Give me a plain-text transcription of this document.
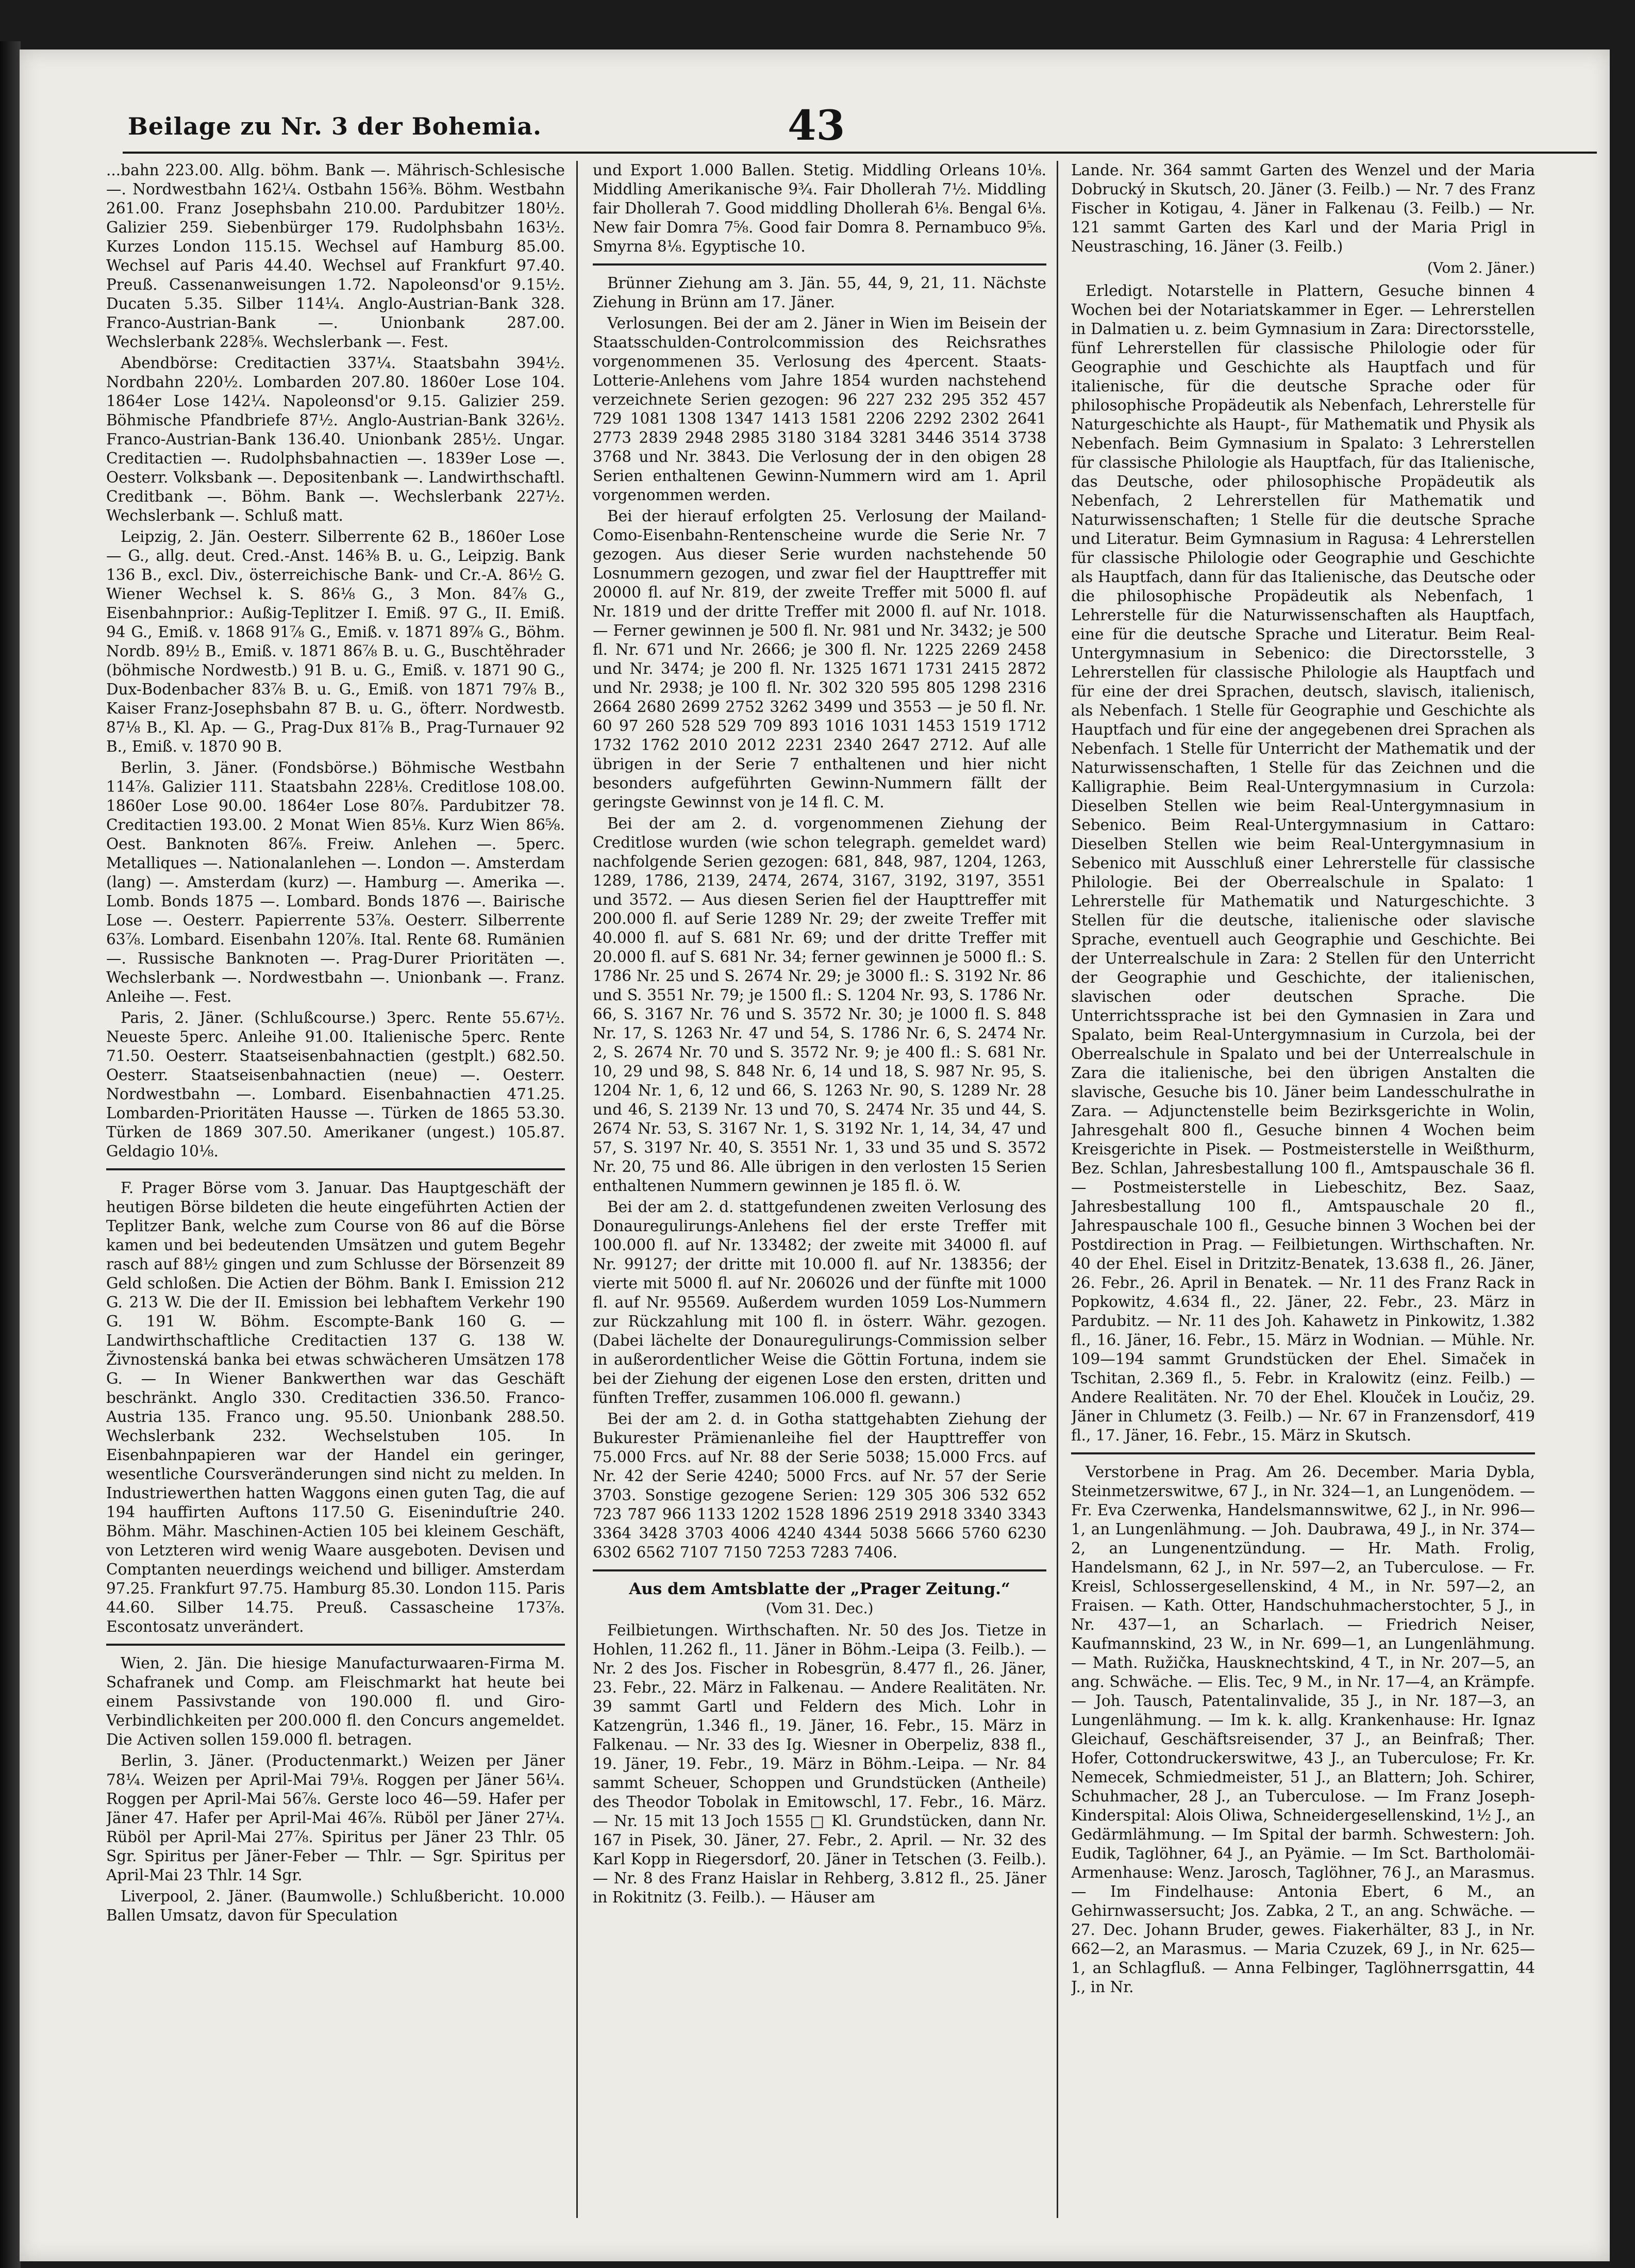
Beilage zu Nr. 3 der Bohemia.	43

...bahn 223.00. Allg. böhm. Bank —. Mährisch-Schlesische —. Nordwestbahn 162¼. Ostbahn 156⅜. Böhm. Westbahn 261.00. Franz Josephsbahn 210.00. Pardubitzer 180½. Galizier 259. Siebenbürger 179. Rudolphsbahn 163½. Kurzes London 115.15. Wechsel auf Hamburg 85.00. Wechsel auf Paris 44.40. Wechsel auf Frankfurt 97.40. Preuß. Cassenanweisungen 1.72. Napoleonsd'or 9.15½. Ducaten 5.35. Silber 114¼. Anglo-Austrian-Bank 328. Franco-Austrian-Bank —. Unionbank 287.00. Wechslerbank 228⅝. Wechslerbank —. Fest.

Abendbörse: Creditactien 337¼. Staatsbahn 394½. Nordbahn 220½. Lombarden 207.80. 1860er Lose 104. 1864er Lose 142¼. Napoleonsd'or 9.15. Galizier 259. Böhmische Pfandbriefe 87½. Anglo-Austrian-Bank 326½. Franco-Austrian-Bank 136.40. Unionbank 285½. Ungar. Creditactien —. Rudolphsbahnactien —. 1839er Lose —. Oesterr. Volksbank —. Depositenbank —. Landwirthschaftl. Creditbank —. Böhm. Bank —. Wechslerbank 227½. Wechslerbank —. Schluß matt.

Leipzig, 2. Jän. Oesterr. Silberrente 62 B., 1860er Lose — G., allg. deut. Cred.-Anst. 146⅜ B. u. G., Leipzig. Bank 136 B., excl. Div., österreichische Bank- und Cr.-A. 86½ G. Wiener Wechsel k. S. 86⅛ G., 3 Mon. 84⅞ G., Eisenbahnprior.: Außig-Teplitzer I. Emiß. 97 G., II. Emiß. 94 G., Emiß. v. 1868 91⅞ G., Emiß. v. 1871 89⅞ G., Böhm. Nordb. 89½ B., Emiß. v. 1871 86⅞ B. u. G., Buschtěhrader (böhmische Nordwestb.) 91 B. u. G., Emiß. v. 1871 90 G., Dux-Bodenbacher 83⅞ B. u. G., Emiß. von 1871 79⅞ B., Kaiser Franz-Josephsbahn 87 B. u. G., öfterr. Nordwestb. 87⅛ B., Kl. Ap. — G., Prag-Dux 81⅞ B., Prag-Turnauer 92 B., Emiß. v. 1870 90 B.

Berlin, 3. Jäner. (Fondsbörse.) Böhmische Westbahn 114⅞. Galizier 111. Staatsbahn 228⅛. Creditlose 108.00. 1860er Lose 90.00. 1864er Lose 80⅞. Pardubitzer 78. Creditactien 193.00. 2 Monat Wien 85⅛. Kurz Wien 86⅝. Oest. Banknoten 86⅞. Freiw. Anlehen —. 5perc. Metalliques —. Nationalanlehen —. London —. Amsterdam (lang) —. Amsterdam (kurz) —. Hamburg —. Amerika —. Lomb. Bonds 1875 —. Lombard. Bonds 1876 —. Bairische Lose —. Oesterr. Papierrente 53⅞. Oesterr. Silberrente 63⅞. Lombard. Eisenbahn 120⅞. Ital. Rente 68. Rumänien —. Russische Banknoten —. Prag-Durer Prioritäten —. Wechslerbank —. Nordwestbahn —. Unionbank —. Franz. Anleihe —. Fest.

Paris, 2. Jäner. (Schlußcourse.) 3perc. Rente 55.67½. Neueste 5perc. Anleihe 91.00. Italienische 5perc. Rente 71.50. Oesterr. Staatseisenbahnactien (gestplt.) 682.50. Oesterr. Staatseisenbahnactien (neue) —. Oesterr. Nordwestbahn —. Lombard. Eisenbahnactien 471.25. Lombarden-Prioritäten Hausse —. Türken de 1865 53.30. Türken de 1869 307.50. Amerikaner (ungest.) 105.87. Geldagio 10⅛.

F. Prager Börse vom 3. Januar. Das Hauptgeschäft der heutigen Börse bildeten die heute eingeführten Actien der Teplitzer Bank, welche zum Course von 86 auf die Börse kamen und bei bedeutenden Umsätzen und gutem Begehr rasch auf 88½ gingen und zum Schlusse der Börsenzeit 89 Geld schloßen. Die Actien der Böhm. Bank I. Emission 212 G. 213 W. Die der II. Emission bei lebhaftem Verkehr 190 G. 191 W. Böhm. Escompte-Bank 160 G. — Landwirthschaftliche Creditactien 137 G. 138 W. Živnostenská banka bei etwas schwächeren Umsätzen 178 G. — In Wiener Bankwerthen war das Geschäft beschränkt. Anglo 330. Creditactien 336.50. Franco-Austria 135. Franco ung. 95.50. Unionbank 288.50. Wechslerbank 232. Wechselstuben 105. In Eisenbahnpapieren war der Handel ein geringer, wesentliche Coursveränderungen sind nicht zu melden. In Industriewerthen hatten Waggons einen guten Tag, die auf 194 hauffirten Auftons 117.50 G. Eiseninduſtrie 240. Böhm. Mähr. Maschinen-Actien 105 bei kleinem Geschäft, von Letzteren wird wenig Waare ausgeboten. Devisen und Comptanten neuerdings weichend und billiger. Amsterdam 97.25. Frankfurt 97.75. Hamburg 85.30. London 115. Paris 44.60. Silber 14.75. Preuß. Cassascheine 173⅞. Escontosatz unverändert.

Wien, 2. Jän. Die hiesige Manufacturwaaren-Firma M. Schafranek und Comp. am Fleischmarkt hat heute bei einem Passivstande von 190.000 fl. und Giro-Verbindlichkeiten per 200.000 fl. den Concurs angemeldet. Die Activen sollen 159.000 fl. betragen.

Berlin, 3. Jäner. (Productenmarkt.) Weizen per Jäner 78¼. Weizen per April-Mai 79⅛. Roggen per Jäner 56¼. Roggen per April-Mai 56⅞. Gerste loco 46—59. Hafer per Jäner 47. Hafer per April-Mai 46⅞. Rüböl per Jäner 27¼. Rüböl per April-Mai 27⅞. Spiritus per Jäner 23 Thlr. 05 Sgr. Spiritus per Jäner-Feber — Thlr. — Sgr. Spiritus per April-Mai 23 Thlr. 14 Sgr.

Liverpool, 2. Jäner. (Baumwolle.) Schlußbericht. 10.000 Ballen Umsatz, davon für Speculation

und Export 1.000 Ballen. Stetig. Middling Orleans 10⅛. Middling Amerikanische 9¾. Fair Dhollerah 7½. Middling fair Dhollerah 7. Good middling Dhollerah 6⅛. Bengal 6⅛. New fair Domra 7⅝. Good fair Domra 8. Pernambuco 9⅝. Smyrna 8⅛. Egyptische 10.

Brünner Ziehung am 3. Jän. 55, 44, 9, 21, 11. Nächste Ziehung in Brünn am 17. Jäner.

Verlosungen. Bei der am 2. Jäner in Wien im Beisein der Staatsschulden-Controlcommission des Reichsrathes vorgenommenen 35. Verlosung des 4percent. Staats-Lotterie-Anlehens vom Jahre 1854 wurden nachstehend verzeichnete Serien gezogen: 96 227 232 295 352 457 729 1081 1308 1347 1413 1581 2206 2292 2302 2641 2773 2839 2948 2985 3180 3184 3281 3446 3514 3738 3768 und Nr. 3843. Die Verlosung der in den obigen 28 Serien enthaltenen Gewinn-Nummern wird am 1. April vorgenommen werden.

Bei der hierauf erfolgten 25. Verlosung der Mailand-Como-Eisenbahn-Rentenscheine wurde die Serie Nr. 7 gezogen. Aus dieser Serie wurden nachstehende 50 Losnummern gezogen, und zwar fiel der Haupttreffer mit 20000 fl. auf Nr. 819, der zweite Treffer mit 5000 fl. auf Nr. 1819 und der dritte Treffer mit 2000 fl. auf Nr. 1018. — Ferner gewinnen je 500 fl. Nr. 981 und Nr. 3432; je 500 fl. Nr. 671 und Nr. 2666; je 300 fl. Nr. 1225 2269 2458 und Nr. 3474; je 200 fl. Nr. 1325 1671 1731 2415 2872 und Nr. 2938; je 100 fl. Nr. 302 320 595 805 1298 2316 2664 2680 2699 2752 3262 3499 und 3553 — je 50 fl. Nr. 60 97 260 528 529 709 893 1016 1031 1453 1519 1712 1732 1762 2010 2012 2231 2340 2647 2712. Auf alle übrigen in der Serie 7 enthaltenen und hier nicht besonders aufgeführten Gewinn-Nummern fällt der geringste Gewinnst von je 14 fl. C. M.

Bei der am 2. d. vorgenommenen Ziehung der Creditlose wurden (wie schon telegraph. gemeldet ward) nachfolgende Serien gezogen: 681, 848, 987, 1204, 1263, 1289, 1786, 2139, 2474, 2674, 3167, 3192, 3197, 3551 und 3572. — Aus diesen Serien fiel der Haupttreffer mit 200.000 fl. auf Serie 1289 Nr. 29; der zweite Treffer mit 40.000 fl. auf S. 681 Nr. 69; und der dritte Treffer mit 20.000 fl. auf S. 681 Nr. 34; ferner gewinnen je 5000 fl.: S. 1786 Nr. 25 und S. 2674 Nr. 29; je 3000 fl.: S. 3192 Nr. 86 und S. 3551 Nr. 79; je 1500 fl.: S. 1204 Nr. 93, S. 1786 Nr. 66, S. 3167 Nr. 76 und S. 3572 Nr. 30; je 1000 fl. S. 848 Nr. 17, S. 1263 Nr. 47 und 54, S. 1786 Nr. 6, S. 2474 Nr. 2, S. 2674 Nr. 70 und S. 3572 Nr. 9; je 400 fl.: S. 681 Nr. 10, 29 und 98, S. 848 Nr. 6, 14 und 18, S. 987 Nr. 95, S. 1204 Nr. 1, 6, 12 und 66, S. 1263 Nr. 90, S. 1289 Nr. 28 und 46, S. 2139 Nr. 13 und 70, S. 2474 Nr. 35 und 44, S. 2674 Nr. 53, S. 3167 Nr. 1, S. 3192 Nr. 1, 14, 34, 47 und 57, S. 3197 Nr. 40, S. 3551 Nr. 1, 33 und 35 und S. 3572 Nr. 20, 75 und 86. Alle übrigen in den verlosten 15 Serien enthaltenen Nummern gewinnen je 185 fl. ö. W.

Bei der am 2. d. stattgefundenen zweiten Verlosung des Donauregulirungs-Anlehens fiel der erste Treffer mit 100.000 fl. auf Nr. 133482; der zweite mit 34000 fl. auf Nr. 99127; der dritte mit 10.000 fl. auf Nr. 138356; der vierte mit 5000 fl. auf Nr. 206026 und der fünfte mit 1000 fl. auf Nr. 95569. Außerdem wurden 1059 Los-Nummern zur Rückzahlung mit 100 fl. in österr. Währ. gezogen. (Dabei lächelte der Donauregulirungs-Commission selber in außerordentlicher Weise die Göttin Fortuna, indem sie bei der Ziehung der eigenen Lose den ersten, dritten und fünften Treffer, zusammen 106.000 fl. gewann.)

Bei der am 2. d. in Gotha stattgehabten Ziehung der Bukurester Prämienanleihe fiel der Haupttreffer von 75.000 Frcs. auf Nr. 88 der Serie 5038; 15.000 Frcs. auf Nr. 42 der Serie 4240; 5000 Frcs. auf Nr. 57 der Serie 3703. Sonstige gezogene Serien: 129 305 306 532 652 723 787 966 1133 1202 1528 1896 2519 2918 3340 3343 3364 3428 3703 4006 4240 4344 5038 5666 5760 6230 6302 6562 7107 7150 7253 7283 7406.

Aus dem Amtsblatte der „Prager Zeitung.“
(Vom 31. Dec.)

Feilbietungen. Wirthschaften. Nr. 50 des Jos. Tietze in Hohlen, 11.262 fl., 11. Jäner in Böhm.-Leipa (3. Feilb.). — Nr. 2 des Jos. Fischer in Robesgrün, 8.477 fl., 26. Jäner, 23. Febr., 22. März in Falkenau. — Andere Realitäten. Nr. 39 sammt Gartl und Feldern des Mich. Lohr in Katzengrün, 1.346 fl., 19. Jäner, 16. Febr., 15. März in Falkenau. — Nr. 33 des Ig. Wiesner in Oberpeliz, 838 fl., 19. Jäner, 19. Febr., 19. März in Böhm.-Leipa. — Nr. 84 sammt Scheuer, Schoppen und Grundstücken (Antheile) des Theodor Tobolak in Emitowschl, 17. Febr., 16. März. — Nr. 15 mit 13 Joch 1555 □ Kl. Grundstücken, dann Nr. 167 in Pisek, 30. Jäner, 27. Febr., 2. April. — Nr. 32 des Karl Kopp in Riegersdorf, 20. Jäner in Tetschen (3. Feilb.). — Nr. 8 des Franz Haislar in Rehberg, 3.812 fl., 25. Jäner in Rokitnitz (3. Feilb.). — Häuser am

Lande. Nr. 364 sammt Garten des Wenzel und der Maria Dobrucký in Skutsch, 20. Jäner (3. Feilb.) — Nr. 7 des Franz Fischer in Kotigau, 4. Jäner in Falkenau (3. Feilb.) — Nr. 121 sammt Garten des Karl und der Maria Prigl in Neustrasching, 16. Jäner (3. Feilb.)

(Vom 2. Jäner.)

Erledigt. Notarstelle in Plattern, Gesuche binnen 4 Wochen bei der Notariatskammer in Eger. — Lehrerstellen in Dalmatien u. z. beim Gymnasium in Zara: Directorsstelle, fünf Lehrerstellen für classische Philologie oder für Geographie und Geschichte als Hauptfach und für italienische, für die deutsche Sprache oder für philosophische Propädeutik als Nebenfach, Lehrerstelle für Naturgeschichte als Haupt-, für Mathematik und Physik als Nebenfach. Beim Gymnasium in Spalato: 3 Lehrerstellen für classische Philologie als Hauptfach, für das Italienische, das Deutsche, oder philosophische Propädeutik als Nebenfach, 2 Lehrerstellen für Mathematik und Naturwissenschaften; 1 Stelle für die deutsche Sprache und Literatur. Beim Gymnasium in Ragusa: 4 Lehrerstellen für classische Philologie oder Geographie und Geschichte als Hauptfach, dann für das Italienische, das Deutsche oder die philosophische Propädeutik als Nebenfach, 1 Lehrerstelle für die Naturwissenschaften als Hauptfach, eine für die deutsche Sprache und Literatur. Beim Real-Untergymnasium in Sebenico: die Directorsstelle, 3 Lehrerstellen für classische Philologie als Hauptfach und für eine der drei Sprachen, deutsch, slavisch, italienisch, als Nebenfach. 1 Stelle für Geographie und Geschichte als Hauptfach und für eine der angegebenen drei Sprachen als Nebenfach. 1 Stelle für Unterricht der Mathematik und der Naturwissenschaften, 1 Stelle für das Zeichnen und die Kalligraphie. Beim Real-Untergymnasium in Curzola: Dieselben Stellen wie beim Real-Untergymnasium in Sebenico. Beim Real-Untergymnasium in Cattaro: Dieselben Stellen wie beim Real-Untergymnasium in Sebenico mit Ausschluß einer Lehrerstelle für classische Philologie. Bei der Oberrealschule in Spalato: 1 Lehrerstelle für Mathematik und Naturgeschichte. 3 Stellen für die deutsche, italienische oder slavische Sprache, eventuell auch Geographie und Geschichte. Bei der Unterrealschule in Zara: 2 Stellen für den Unterricht der Geographie und Geschichte, der italienischen, slavischen oder deutschen Sprache. Die Unterrichtssprache ist bei den Gymnasien in Zara und Spalato, beim Real-Untergymnasium in Curzola, bei der Oberrealschule in Spalato und bei der Unterrealschule in Zara die italienische, bei den übrigen Anstalten die slavische, Gesuche bis 10. Jäner beim Landesschulrathe in Zara. — Adjunctenstelle beim Bezirksgerichte in Wolin, Jahresgehalt 800 fl., Gesuche binnen 4 Wochen beim Kreisgerichte in Pisek. — Postmeisterstelle in Weißthurm, Bez. Schlan, Jahresbestallung 100 fl., Amtspauschale 36 fl. — Postmeisterstelle in Liebeschitz, Bez. Saaz, Jahresbestallung 100 fl., Amtspauschale 20 fl., Jahrespauschale 100 fl., Gesuche binnen 3 Wochen bei der Postdirection in Prag. — Feilbietungen. Wirthschaften. Nr. 40 der Ehel. Eisel in Dritzitz-Benatek, 13.638 fl., 26. Jäner, 26. Febr., 26. April in Benatek. — Nr. 11 des Franz Rack in Popkowitz, 4.634 fl., 22. Jäner, 22. Febr., 23. März in Pardubitz. — Nr. 11 des Joh. Kahawetz in Pinkowitz, 1.382 fl., 16. Jäner, 16. Febr., 15. März in Wodnian. — Mühle. Nr. 109—194 sammt Grundstücken der Ehel. Simaček in Tschitan, 2.369 fl., 5. Febr. in Kralowitz (einz. Feilb.) — Andere Realitäten. Nr. 70 der Ehel. Klouček in Loučiz, 29. Jäner in Chlumetz (3. Feilb.) — Nr. 67 in Franzensdorf, 419 fl., 17. Jäner, 16. Febr., 15. März in Skutsch.

Verstorbene in Prag. Am 26. December. Maria Dybla, Steinmetzerswitwe, 67 J., in Nr. 324—1, an Lungenödem. — Fr. Eva Czerwenka, Handelsmannswitwe, 62 J., in Nr. 996—1, an Lungenlähmung. — Joh. Daubrawa, 49 J., in Nr. 374—2, an Lungenentzündung. — Hr. Math. Frolig, Handelsmann, 62 J., in Nr. 597—2, an Tuberculose. — Fr. Kreisl, Schlossergesellenskind, 4 M., in Nr. 597—2, an Fraisen. — Kath. Otter, Handschuhmacherstochter, 5 J., in Nr. 437—1, an Scharlach. — Friedrich Neiser, Kaufmannskind, 23 W., in Nr. 699—1, an Lungenlähmung. — Math. Ružička, Hausknechtskind, 4 T., in Nr. 207—5, an ang. Schwäche. — Elis. Tec, 9 M., in Nr. 17—4, an Krämpfe. — Joh. Tausch, Patentalinvalide, 35 J., in Nr. 187—3, an Lungenlähmung. — Im k. k. allg. Krankenhause: Hr. Ignaz Gleichauf, Geschäftsreisender, 37 J., an Beinfraß; Ther. Hofer, Cottondruckerswitwe, 43 J., an Tuberculose; Fr. Kr. Nemecek, Schmiedmeister, 51 J., an Blattern; Joh. Schirer, Schuhmacher, 28 J., an Tuberculose. — Im Franz Joseph-Kinderspital: Alois Oliwa, Schneidergesellenskind, 1½ J., an Gedärmlähmung. — Im Spital der barmh. Schwestern: Joh. Eudik, Taglöhner, 64 J., an Pyämie. — Im Sct. Bartholomäi-Armenhause: Wenz. Jarosch, Taglöhner, 76 J., an Marasmus. — Im Findelhause: Antonia Ebert, 6 M., an Gehirnwassersucht; Jos. Zabka, 2 T., an ang. Schwäche. — 27. Dec. Johann Bruder, gewes. Fiakerhälter, 83 J., in Nr. 662—2, an Marasmus. — Maria Czuzek, 69 J., in Nr. 625—1, an Schlagfluß. — Anna Felbinger, Taglöhnerrsgattin, 44 J., in Nr.
